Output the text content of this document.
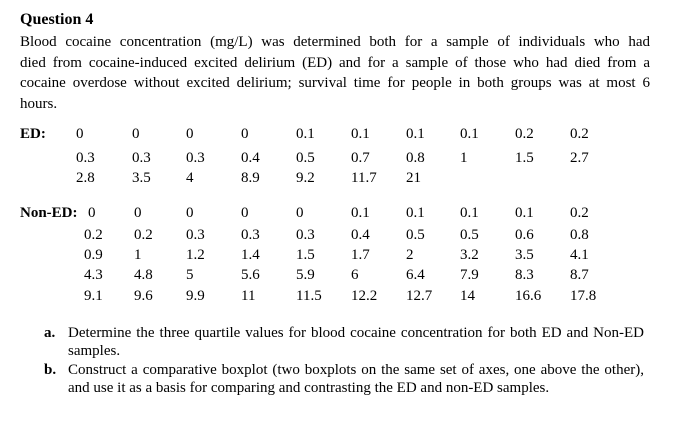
Question 4
Blood cocaine concentration (mg/L) was determined both for a sample of individuals who had
died from cocaine-induced excited delirium (ED) and for a sample of those who had died from a
cocaine overdose without excited delirium; survival time for people in both groups was at most 6
hours.
ED: 0	0	0	0	0.1 0.1 0.1 0.1 0.2 0.2
0.3 0.3 0.3 0.4 0.5 0.7 0.8 1	1.5 2.7
2.8 3.5 4	8.9 9.2 11.7 21
Non-ED: 0	0	0	0	0	0.1 0.1 0.1 0.1 0.2
0.2 0.2 0.3 0.3 0.3 0.4 0.5 0.5 0.6 0.8
0.9 1	1.2 1.4 1.5 1.7 2	3.2 3.5 4.1
4.3 4.8 5	5.6 5.9 6	6.4 7.9 8.3 8.7
9.1 9.6 9.9 11	11.5 12.2 12.7 14	16.6 17.8
a. Determine the three quartile values for blood cocaine concentration for both ED and Non-ED samples.
b. Construct a comparative boxplot (two boxplots on the same set of axes, one above the other), and use it as a basis for comparing and contrasting the ED and non-ED samples.
